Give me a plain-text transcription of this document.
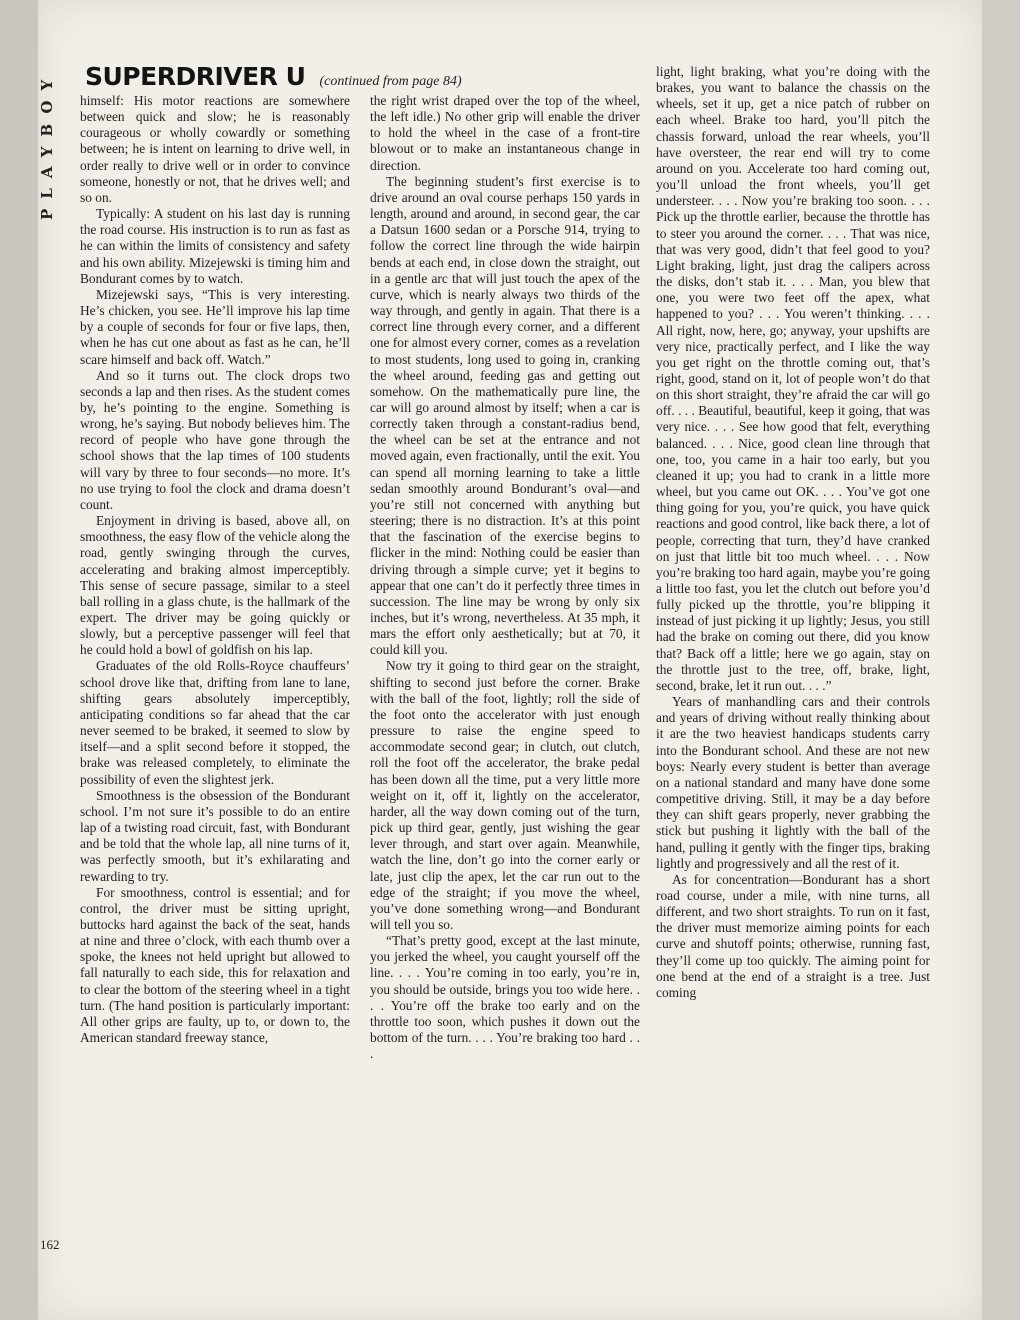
PLAYBOY	SUPERDRIVER U (continued from page 84)

himself: His motor reactions are somewhere between quick and slow; he is reasonably courageous or wholly cowardly or something between; he is intent on learning to drive well, in order really to drive well or in order to convince someone, honestly or not, that he drives well; and so on.

Typically: A student on his last day is running the road course. His instruction is to run as fast as he can within the limits of consistency and safety and his own ability. Mizejewski is timing him and Bondurant comes by to watch.

Mizejewski says, “This is very interesting. He’s chicken, you see. He’ll improve his lap time by a couple of seconds for four or five laps, then, when he has cut one about as fast as he can, he’ll scare himself and back off. Watch.”

And so it turns out. The clock drops two seconds a lap and then rises. As the student comes by, he’s pointing to the engine. Something is wrong, he’s saying. But nobody believes him. The record of people who have gone through the school shows that the lap times of 100 students will vary by three to four seconds—no more. It’s no use trying to fool the clock and drama doesn’t count.

Enjoyment in driving is based, above all, on smoothness, the easy flow of the vehicle along the road, gently swinging through the curves, accelerating and braking almost imperceptibly. This sense of secure passage, similar to a steel ball rolling in a glass chute, is the hallmark of the expert. The driver may be going quickly or slowly, but a perceptive passenger will feel that he could hold a bowl of goldfish on his lap.

Graduates of the old Rolls-Royce chauffeurs’ school drove like that, drifting from lane to lane, shifting gears absolutely imperceptibly, anticipating conditions so far ahead that the car never seemed to be braked, it seemed to slow by itself—and a split second before it stopped, the brake was released completely, to eliminate the possibility of even the slightest jerk.

Smoothness is the obsession of the Bondurant school. I’m not sure it’s possible to do an entire lap of a twisting road circuit, fast, with Bondurant and be told that the whole lap, all nine turns of it, was perfectly smooth, but it’s exhilarating and rewarding to try.

For smoothness, control is essential; and for control, the driver must be sitting upright, buttocks hard against the back of the seat, hands at nine and three o’clock, with each thumb over a spoke, the knees not held upright but allowed to fall naturally to each side, this for relaxation and to clear the bottom of the steering wheel in a tight turn. (The hand position is particularly important: All other grips are faulty, up to, or down to, the American standard freeway stance,

the right wrist draped over the top of the wheel, the left idle.) No other grip will enable the driver to hold the wheel in the case of a front-tire blowout or to make an instantaneous change in direction.

The beginning student’s first exercise is to drive around an oval course perhaps 150 yards in length, around and around, in second gear, the car a Datsun 1600 sedan or a Porsche 914, trying to follow the correct line through the wide hairpin bends at each end, in close down the straight, out in a gentle arc that will just touch the apex of the curve, which is nearly always two thirds of the way through, and gently in again. That there is a correct line through every corner, and a different one for almost every corner, comes as a revelation to most students, long used to going in, cranking the wheel around, feeding gas and getting out somehow. On the mathematically pure line, the car will go around almost by itself; when a car is correctly taken through a constant-radius bend, the wheel can be set at the entrance and not moved again, even fractionally, until the exit. You can spend all morning learning to take a little sedan smoothly around Bondurant’s oval—and you’re still not concerned with anything but steering; there is no distraction. It’s at this point that the fascination of the exercise begins to flicker in the mind: Nothing could be easier than driving through a simple curve; yet it begins to appear that one can’t do it perfectly three times in succession. The line may be wrong by only six inches, but it’s wrong, nevertheless. At 35 mph, it mars the effort only aesthetically; but at 70, it could kill you.

Now try it going to third gear on the straight, shifting to second just before the corner. Brake with the ball of the foot, lightly; roll the side of the foot onto the accelerator with just enough pressure to raise the engine speed to accommodate second gear; in clutch, out clutch, roll the foot off the accelerator, the brake pedal has been down all the time, put a very little more weight on it, off it, lightly on the accelerator, harder, all the way down coming out of the turn, pick up third gear, gently, just wishing the gear lever through, and start over again. Meanwhile, watch the line, don’t go into the corner early or late, just clip the apex, let the car run out to the edge of the straight; if you move the wheel, you’ve done something wrong—and Bondurant will tell you so.

“That’s pretty good, except at the last minute, you jerked the wheel, you caught yourself off the line. . . . You’re coming in too early, you’re in, you should be outside, brings you too wide here. . . . You’re off the brake too early and on the throttle too soon, which pushes it down out the bottom of the turn. . . . You’re braking too hard . . .

light, light braking, what you’re doing with the brakes, you want to balance the chassis on the wheels, set it up, get a nice patch of rubber on each wheel. Brake too hard, you’ll pitch the chassis forward, unload the rear wheels, you’ll have oversteer, the rear end will try to come around on you. Accelerate too hard coming out, you’ll unload the front wheels, you’ll get understeer. . . . Now you’re braking too soon. . . . Pick up the throttle earlier, because the throttle has to steer you around the corner. . . . That was nice, that was very good, didn’t that feel good to you? Light braking, light, just drag the calipers across the disks, don’t stab it. . . . Man, you blew that one, you were two feet off the apex, what happened to you? . . . You weren’t thinking. . . . All right, now, here, go; anyway, your upshifts are very nice, practically perfect, and I like the way you get right on the throttle coming out, that’s right, good, stand on it, lot of people won’t do that on this short straight, they’re afraid the car will go off. . . . Beautiful, beautiful, keep it going, that was very nice. . . . See how good that felt, everything balanced. . . . Nice, good clean line through that one, too, you came in a hair too early, but you cleaned it up; you had to crank in a little more wheel, but you came out OK. . . . You’ve got one thing going for you, you’re quick, you have quick reactions and good control, like back there, a lot of people, correcting that turn, they’d have cranked on just that little bit too much wheel. . . . Now you’re braking too hard again, maybe you’re going a little too fast, you let the clutch out before you’d fully picked up the throttle, you’re blipping it instead of just picking it up lightly; Jesus, you still had the brake on coming out there, did you know that? Back off a little; here we go again, stay on the throttle just to the tree, off, brake, light, second, brake, let it run out. . . .”

Years of manhandling cars and their controls and years of driving without really thinking about it are the two heaviest handicaps students carry into the Bondurant school. And these are not new boys: Nearly every student is better than average on a national standard and many have done some competitive driving. Still, it may be a day before they can shift gears properly, never grabbing the stick but pushing it lightly with the ball of the hand, pulling it gently with the finger tips, braking lightly and progressively and all the rest of it.

As for concentration—Bondurant has a short road course, under a mile, with nine turns, all different, and two short straights. To run on it fast, the driver must memorize aiming points for each curve and shutoff points; otherwise, running fast, they’ll come up too quickly. The aiming point for one bend at the end of a straight is a tree. Just coming

162
